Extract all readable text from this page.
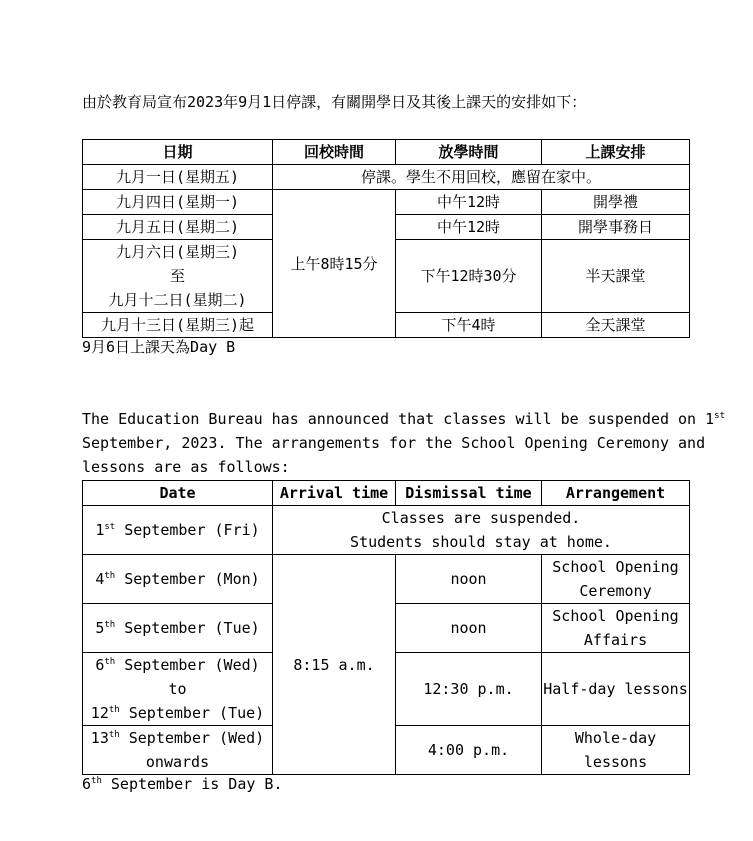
由於教育局宣布2023年9月1日停課，有關開學日及其後上課天的安排如下：
日期	回校時間	放學時間	上課安排
九月一日(星期五)	停課。學生不用回校，應留在家中。		
九月四日(星期一)	上午8時15分	中午12時	開學禮
九月五日(星期二)		中午12時	開學事務日

九月六日(星期三)
至
九月十二日(星期二)		下午12時30分	半天課堂
九月十三日(星期三)起		下午4時	全天課堂
9月6日上課天為Day B
The Education Bureau has announced that classes will be suspended on 1st
September, 2023. The arrangements for the School Opening Ceremony and
lessons are as follows:
Date	Arrival time	Dismissal time	Arrangement
1st September (Fri)	Classes are suspended.
Students should stay at home.		

4th September (Mon)	8:15 a.m.	noon	School Opening
Ceremony

5th September (Tue)		noon	School Opening
Affairs

6th September (Wed)
to
12th September (Tue)		12:30 p.m.	Half-day lessons

13th September (Wed)
onwards		4:00 p.m.	Whole-day
lessons
6th September is Day B.
